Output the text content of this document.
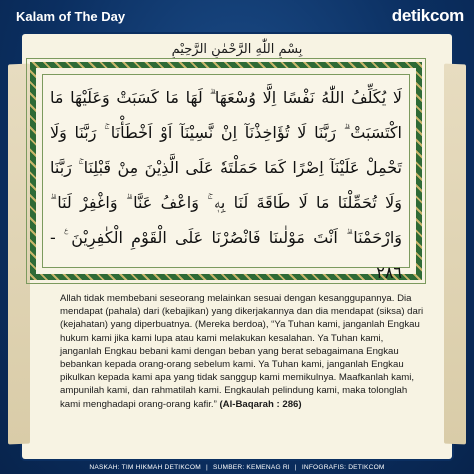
Kalam of The Day	detikcom
بِسْمِ اللّٰهِ الرَّحْمٰنِ الرَّحِيْمِ
لَا يُكَلِّفُ اللّٰهُ نَفْسًا اِلَّا وُسْعَهَا ۗ لَهَا مَا كَسَبَتْ وَعَلَيْهَا مَا اكْتَسَبَتْ ۗ رَبَّنَا لَا تُؤَاخِذْنَآ اِنْ نَّسِيْنَآ اَوْ اَخْطَأْنَا ۚ رَبَّنَا وَلَا تَحْمِلْ عَلَيْنَآ اِصْرًا كَمَا حَمَلْتَهٗ عَلَى الَّذِيْنَ مِنْ قَبْلِنَا ۚ رَبَّنَا وَلَا تُحَمِّلْنَا مَا لَا طَاقَةَ لَنَا بِهٖ ۚ وَاعْفُ عَنَّا ۗ وَاغْفِرْ لَنَا ۗ وَارْحَمْنَا ۗ اَنْتَ مَوْلٰىنَا فَانْصُرْنَا عَلَى الْقَوْمِ الْكٰفِرِيْنَ ࣖ - ٢٨٦
Allah tidak membebani seseorang melainkan sesuai dengan kesanggupannya. Dia mendapat (pahala) dari (kebajikan) yang dikerjakannya dan dia mendapat (siksa) dari (kejahatan) yang diperbuatnya. (Mereka berdoa), “Ya Tuhan kami, janganlah Engkau hukum kami jika kami lupa atau kami melakukan kesalahan. Ya Tuhan kami, janganlah Engkau bebani kami dengan beban yang berat sebagaimana Engkau bebankan kepada orang-orang sebelum kami. Ya Tuhan kami, janganlah Engkau pikulkan kepada kami apa yang tidak sanggup kami memikulnya. Maafkanlah kami, ampunilah kami, dan rahmatilah kami. Engkaulah pelindung kami, maka tolonglah kami menghadapi orang-orang kafir.” (Al-Baqarah : 286)
NASKAH: TIM HIKMAH DETIKCOM | SUMBER: KEMENAG RI | INFOGRAFIS: DETIKCOM
